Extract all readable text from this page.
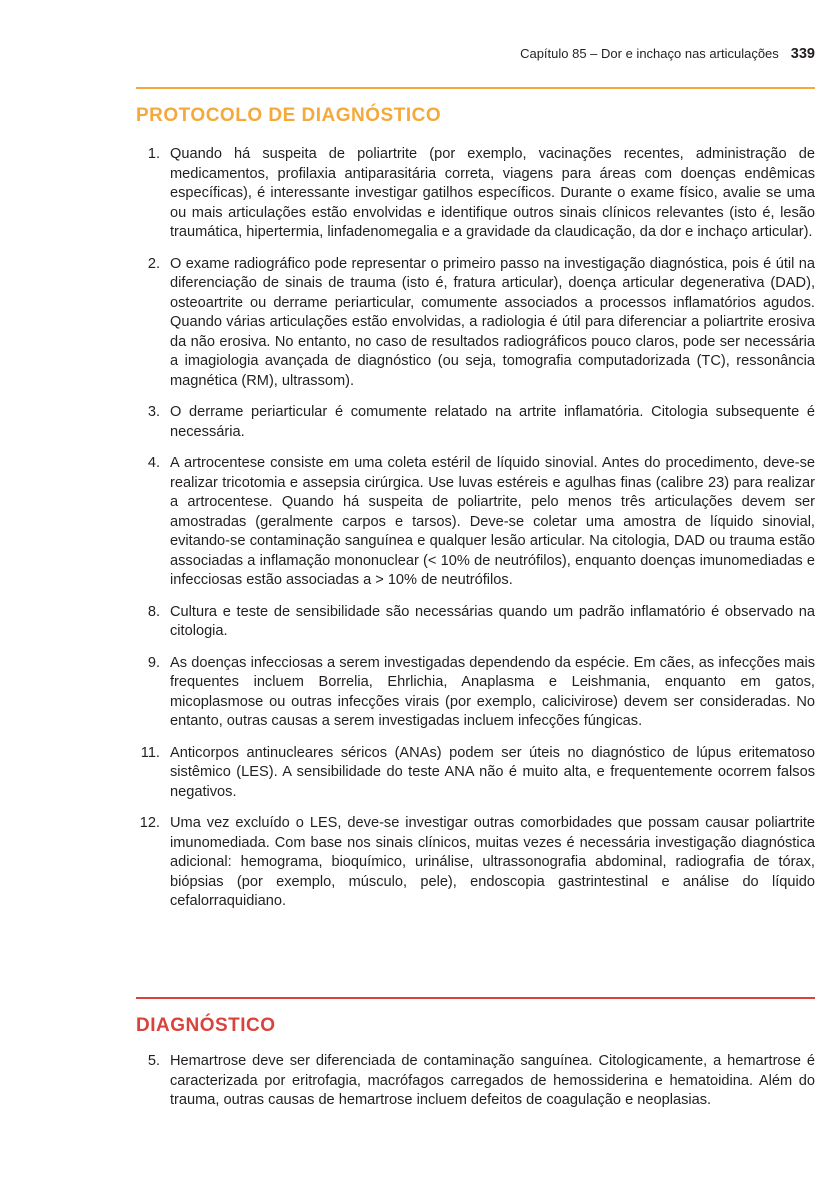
Capítulo 85 – Dor e inchaço nas articulações 339
PROTOCOLO DE DIAGNÓSTICO
1. Quando há suspeita de poliartrite (por exemplo, vacinações recentes, administração de medicamentos, profilaxia antiparasitária correta, viagens para áreas com doenças endêmicas específicas), é interessante investigar gatilhos específicos. Durante o exame físico, avalie se uma ou mais articulações estão envolvidas e identifique outros sinais clínicos relevantes (isto é, lesão traumática, hipertermia, linfadenomegalia e a gravidade da claudicação, da dor e inchaço articular).
2. O exame radiográfico pode representar o primeiro passo na investigação diagnóstica, pois é útil na diferenciação de sinais de trauma (isto é, fratura articular), doença articular degenerativa (DAD), osteoartrite ou derrame periarticular, comumente associados a processos inflamatórios agudos. Quando várias articulações estão envolvidas, a radiologia é útil para diferenciar a poliartrite erosiva da não erosiva. No entanto, no caso de resultados radiográficos pouco claros, pode ser necessária a imagiologia avançada de diagnóstico (ou seja, tomografia computadorizada (TC), ressonância magnética (RM), ultrassom).
3. O derrame periarticular é comumente relatado na artrite inflamatória. Citologia subsequente é necessária.
4. A artrocentese consiste em uma coleta estéril de líquido sinovial. Antes do procedimento, deve-se realizar tricotomia e assepsia cirúrgica. Use luvas estéreis e agulhas finas (calibre 23) para realizar a artrocentese. Quando há suspeita de poliartrite, pelo menos três articulações devem ser amostradas (geralmente carpos e tarsos). Deve-se coletar uma amostra de líquido sinovial, evitando-se contaminação sanguínea e qualquer lesão articular. Na citologia, DAD ou trauma estão associadas a inflamação mononuclear (< 10% de neutrófilos), enquanto doenças imunomediadas e infecciosas estão associadas a > 10% de neutrófilos.
8. Cultura e teste de sensibilidade são necessárias quando um padrão inflamatório é observado na citologia.
9. As doenças infecciosas a serem investigadas dependendo da espécie. Em cães, as infecções mais frequentes incluem Borrelia, Ehrlichia, Anaplasma e Leishmania, enquanto em gatos, micoplasmose ou outras infecções virais (por exemplo, calicivirose) devem ser consideradas. No entanto, outras causas a serem investigadas incluem infecções fúngicas.
11. Anticorpos antinucleares séricos (ANAs) podem ser úteis no diagnóstico de lúpus eritematoso sistêmico (LES). A sensibilidade do teste ANA não é muito alta, e frequentemente ocorrem falsos negativos.
12. Uma vez excluído o LES, deve-se investigar outras comorbidades que possam causar poliartrite imunomediada. Com base nos sinais clínicos, muitas vezes é necessária investigação diagnóstica adicional: hemograma, bioquímico, urinálise, ultrassonografia abdominal, radiografia de tórax, biópsias (por exemplo, músculo, pele), endoscopia gastrintestinal e análise do líquido cefalorraquidiano.
DIAGNÓSTICO
5. Hemartrose deve ser diferenciada de contaminação sanguínea. Citologicamente, a hemartrose é caracterizada por eritrofagia, macrófagos carregados de hemossiderina e hematoidina. Além do trauma, outras causas de hemartrose incluem defeitos de coagulação e neoplasias.
